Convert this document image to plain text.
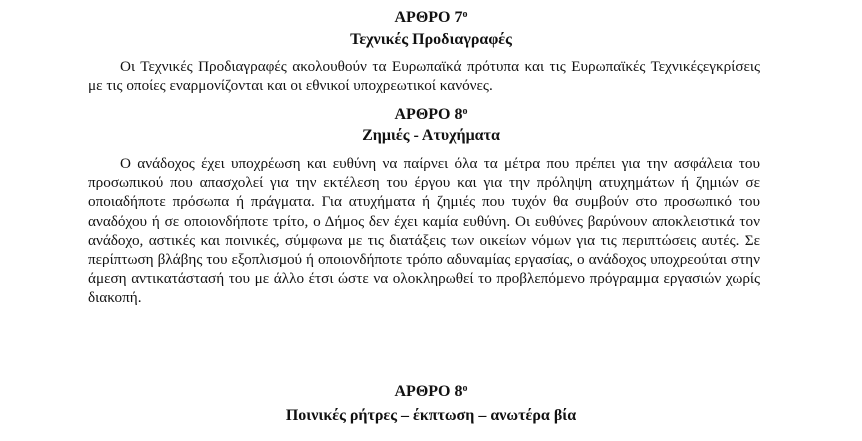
ΑΡΘΡΟ $7^o$
Τεχνικές Προδιαγραφές

Οι Τεχνικές Προδιαγραφές ακολουθούν τα Ευρωπαϊκά πρότυπα και τις Ευρωπαϊκές Τεχνικέςεγκρίσεις με τις οποίες εναρμονίζονται και οι εθνικοί υποχρεωτικοί κανόνες.

ΑΡΘΡΟ $8^o$
Ζημιές - Ατυχήματα

Ο ανάδοχος έχει υποχρέωση και ευθύνη να παίρνει όλα τα μέτρα που πρέπει για την ασφάλεια του προσωπικού που απασχολεί για την εκτέλεση του έργου και για την πρόληψη ατυχημάτων ή ζημιών σε οποιαδήποτε πρόσωπα ή πράγματα. Για ατυχήματα ή ζημιές που τυχόν θα συμβούν στο προσωπικό του αναδόχου ή σε οποιονδήποτε τρίτο, ο Δήμος δεν έχει καμία ευθύνη. Οι ευθύνες βαρύνουν αποκλειστικά τον ανάδοχο, αστικές και ποινικές, σύμφωνα με τις διατάξεις των οικείων νόμων για τις περιπτώσεις αυτές. Σε περίπτωση βλάβης του εξοπλισμού ή οποιονδήποτε τρόπο αδυναμίας εργασίας, ο ανάδοχος υποχρεούται στην άμεση αντικατάστασή του με άλλο έτσι ώστε να ολοκληρωθεί το προβλεπόμενο πρόγραμμα εργασιών χωρίς διακοπή.

ΑΡΘΡΟ $8^o$
Ποινικές ρήτρες – έκπτωση – ανωτέρα βία
